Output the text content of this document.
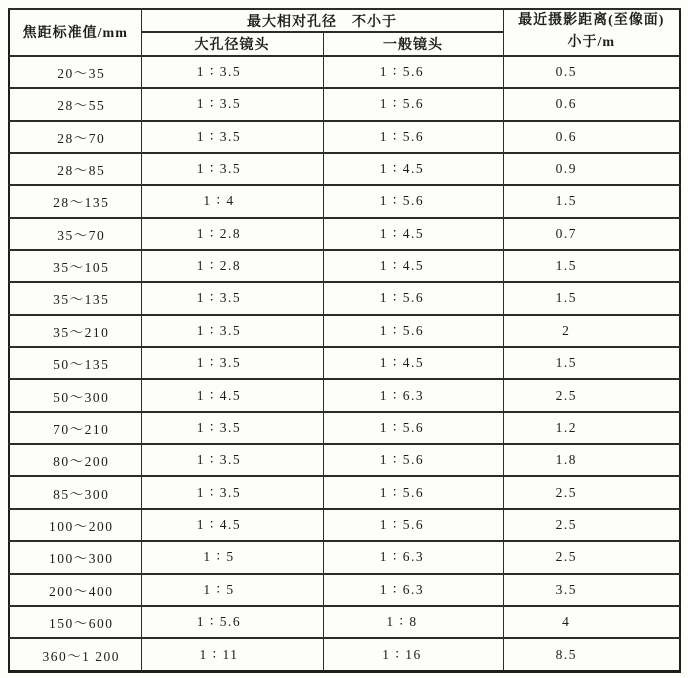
焦距标准值/mm	最大相对孔径　不小于		最近摄影距离(至像面)
小于/m

	大孔径镜头	一般镜头	
20～35	1 ∶ 3.5	1 ∶ 5.6	0.5
28～55	1 ∶ 3.5	1 ∶ 5.6	0.6
28～70	1 ∶ 3.5	1 ∶ 5.6	0.6
28～85	1 ∶ 3.5	1 ∶ 4.5	0.9
28～135	1 ∶ 4	1 ∶ 5.6	1.5
35～70	1 ∶ 2.8	1 ∶ 4.5	0.7
35～105	1 ∶ 2.8	1 ∶ 4.5	1.5
35～135	1 ∶ 3.5	1 ∶ 5.6	1.5
35～210	1 ∶ 3.5	1 ∶ 5.6	2
50～135	1 ∶ 3.5	1 ∶ 4.5	1.5
50～300	1 ∶ 4.5	1 ∶ 6.3	2.5
70～210	1 ∶ 3.5	1 ∶ 5.6	1.2
80～200	1 ∶ 3.5	1 ∶ 5.6	1.8
85～300	1 ∶ 3.5	1 ∶ 5.6	2.5
100～200	1 ∶ 4.5	1 ∶ 5.6	2.5
100～300	1 ∶ 5	1 ∶ 6.3	2.5
200～400	1 ∶ 5	1 ∶ 6.3	3.5
150～600	1 ∶ 5.6	1 ∶ 8	4
360～1 200	1 ∶ 11	1 ∶ 16	8.5
